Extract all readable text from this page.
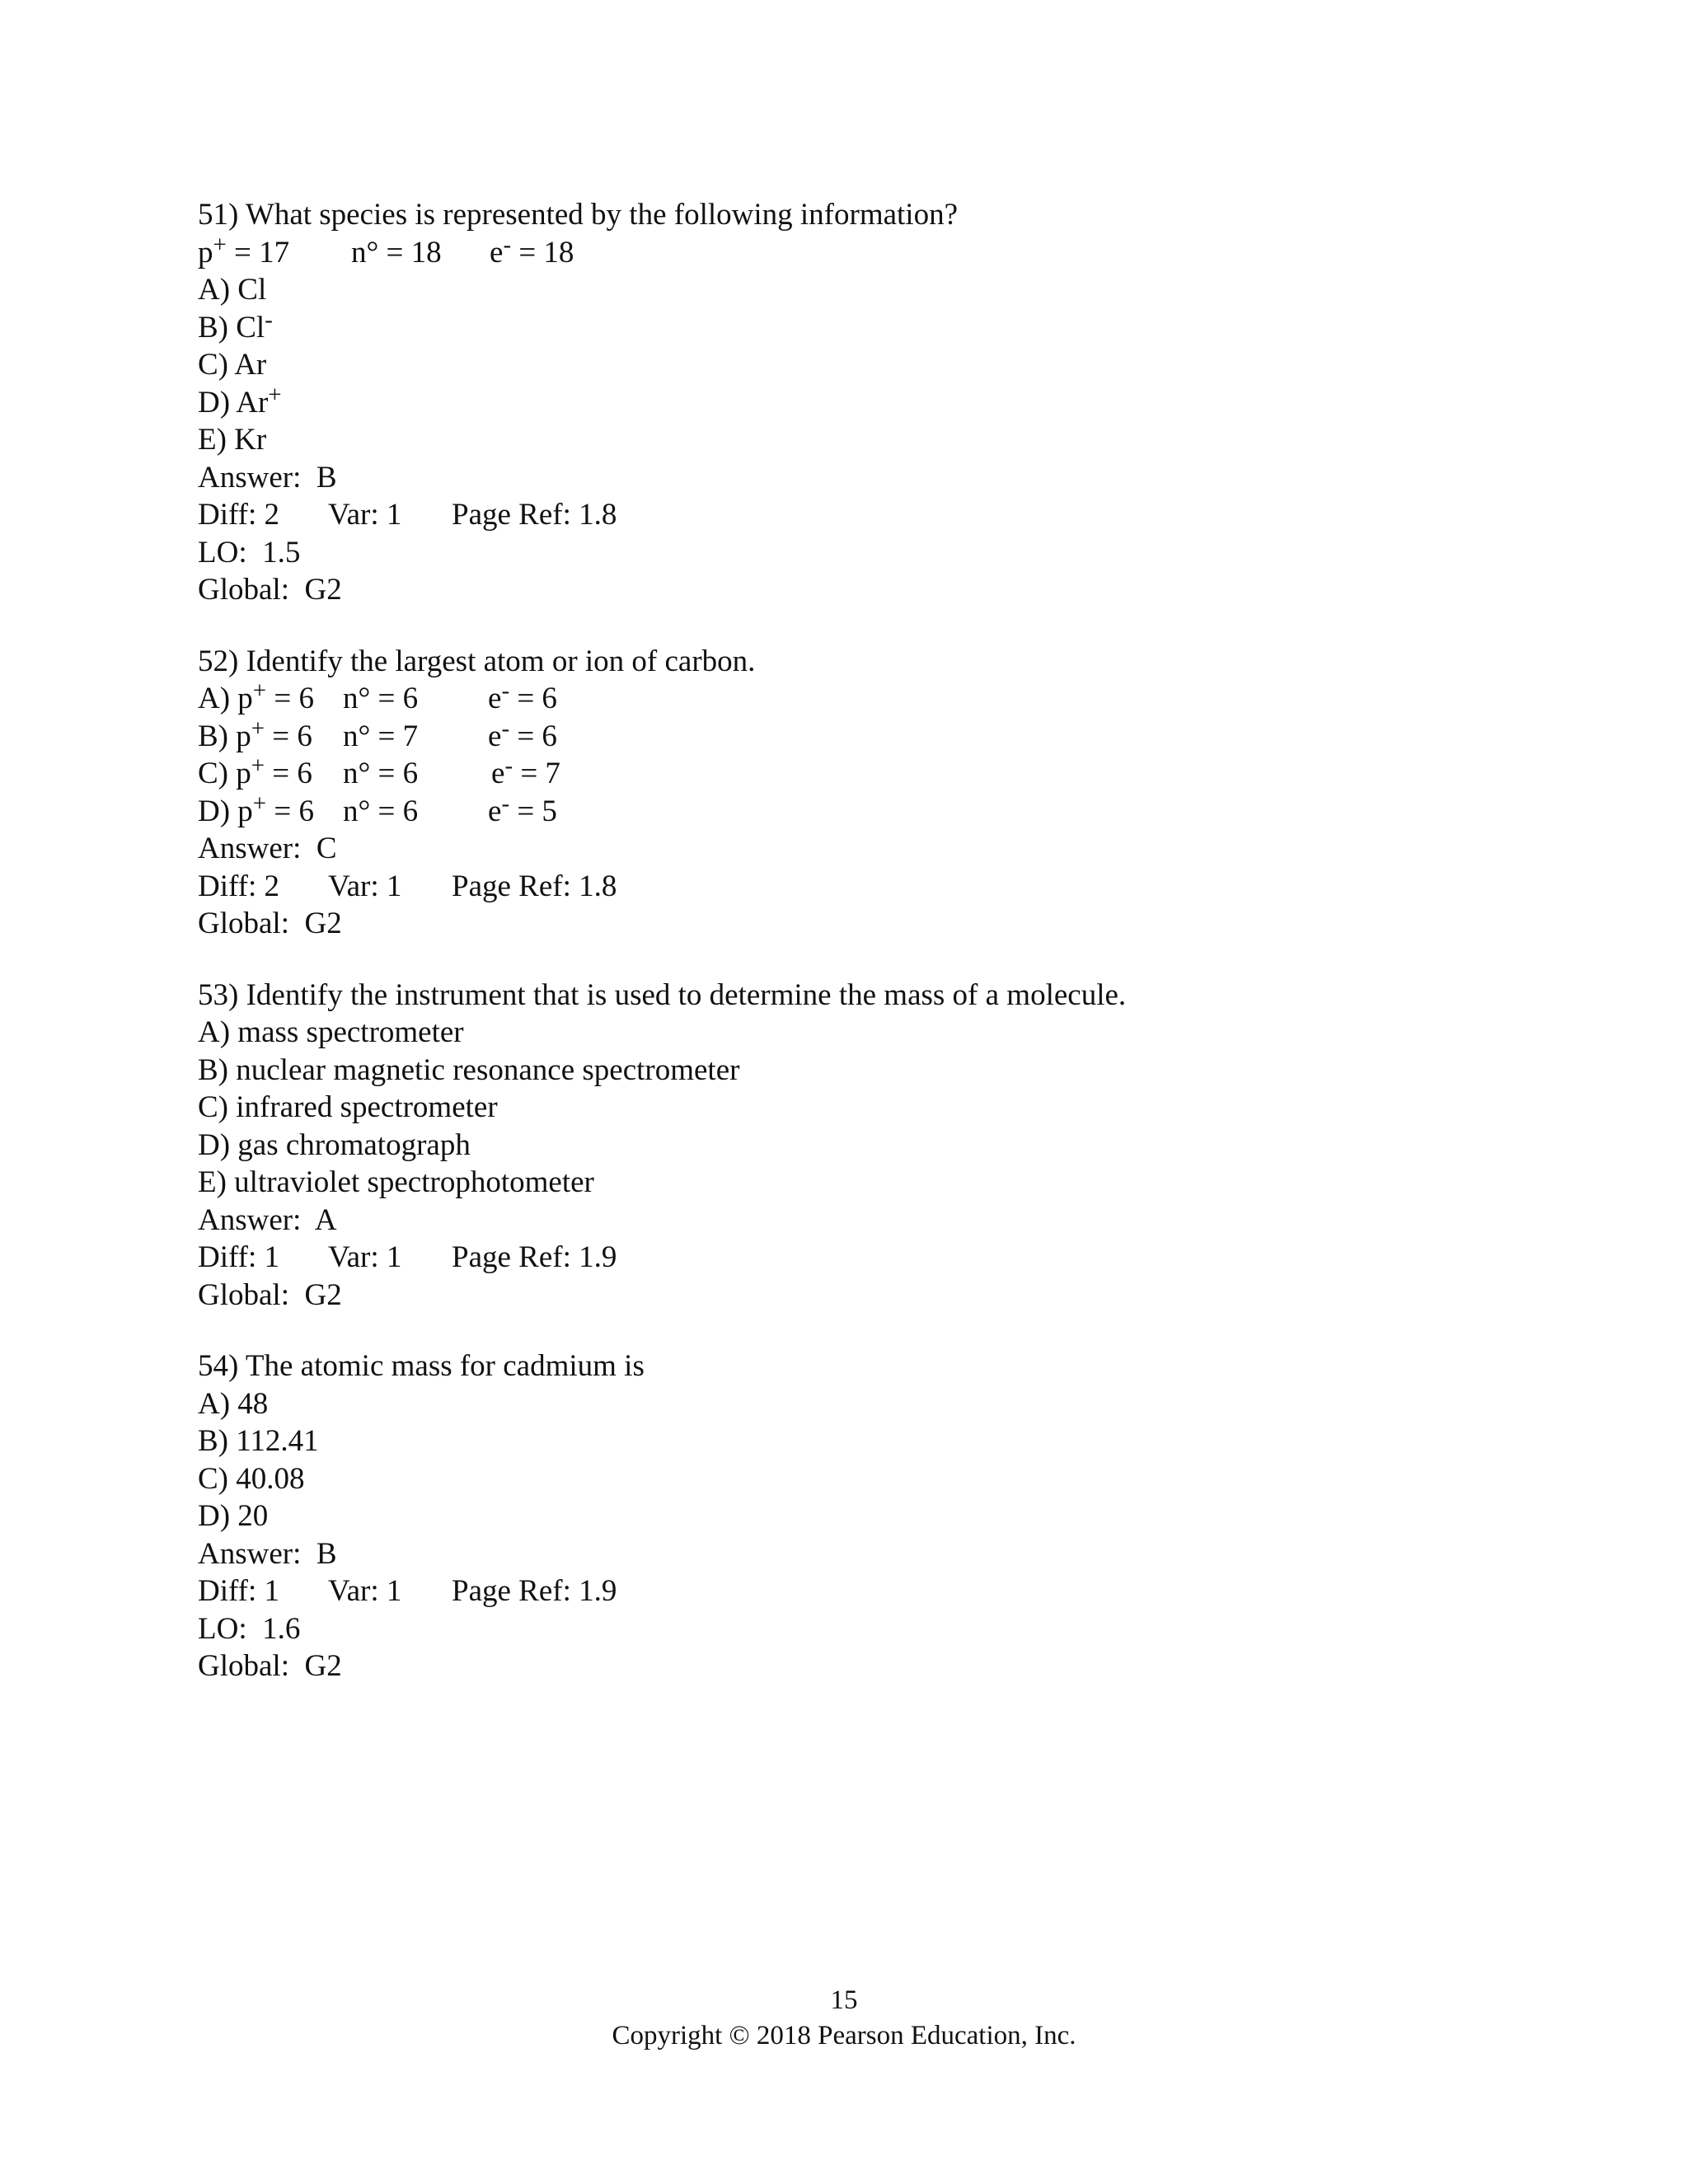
51) What species is represented by the following information?
p+ = 17 n° = 18 e- = 18
A) Cl
B) Cl-
C) Ar
D) Ar+
E) Kr
Answer:  B
Diff: 2 Var: 1 Page Ref: 1.8
LO:  1.5
Global:  G2
52) Identify the largest atom or ion of carbon.
A) p+ = 6 n° = 6 e- = 6
B) p+ = 6 n° = 7 e- = 6
C) p+ = 6 n° = 6 e- = 7
D) p+ = 6 n° = 6 e- = 5
Answer:  C
Diff: 2 Var: 1 Page Ref: 1.8
Global:  G2
53) Identify the instrument that is used to determine the mass of a molecule.
A) mass spectrometer
B) nuclear magnetic resonance spectrometer
C) infrared spectrometer
D) gas chromatograph
E) ultraviolet spectrophotometer
Answer:  A
Diff: 1 Var: 1 Page Ref: 1.9
Global:  G2
54) The atomic mass for cadmium is
A) 48
B) 112.41
C) 40.08
D) 20
Answer:  B
Diff: 1 Var: 1 Page Ref: 1.9
LO:  1.6
Global:  G2
15
Copyright © 2018 Pearson Education, Inc.
